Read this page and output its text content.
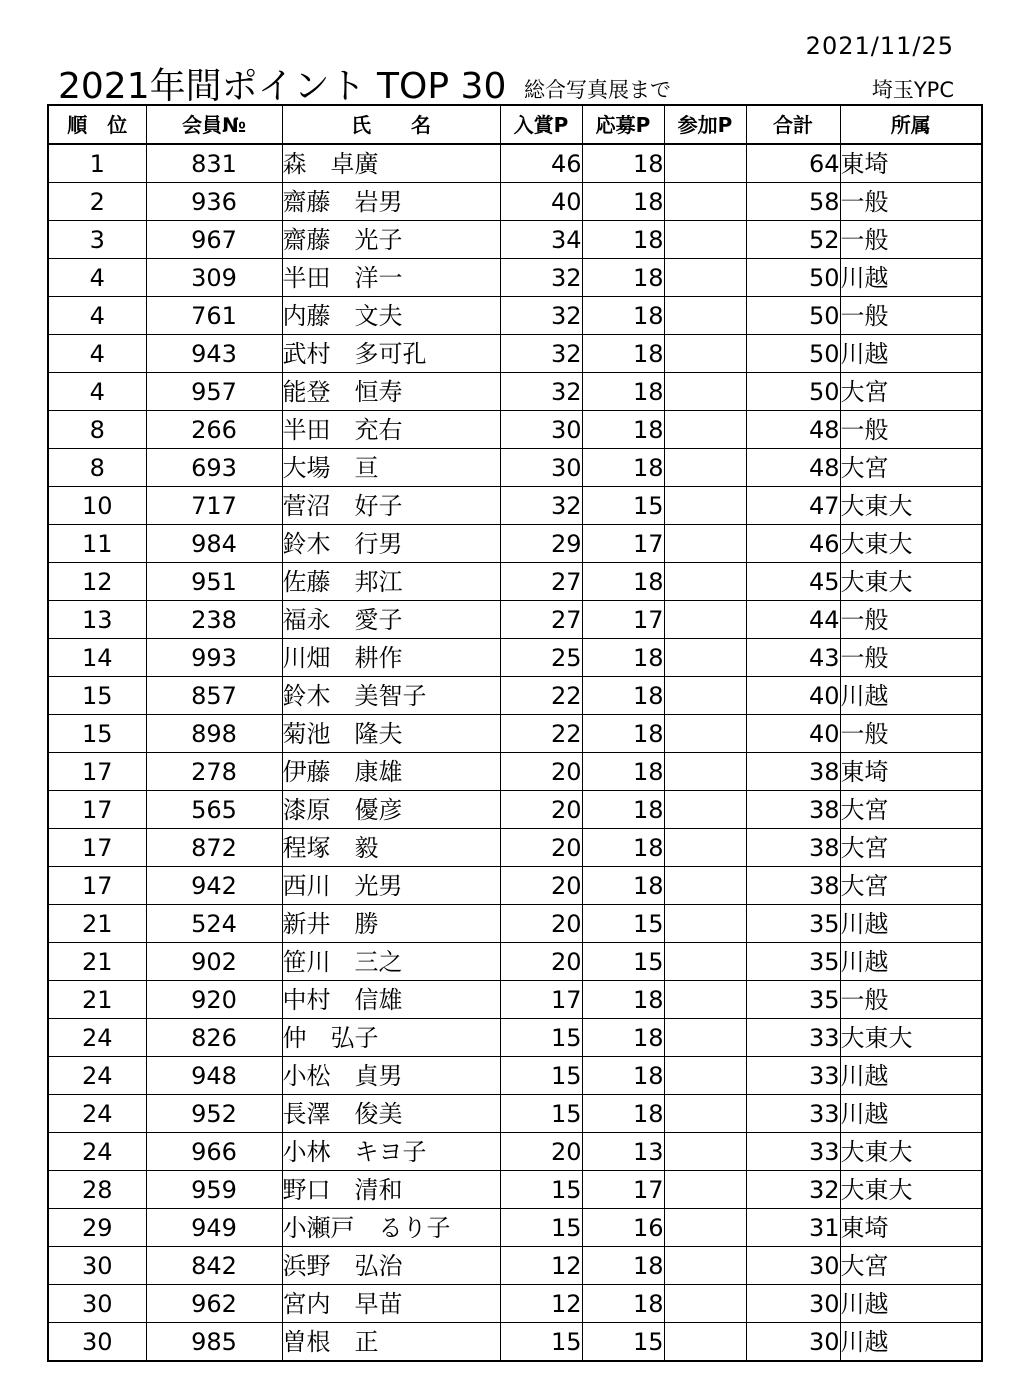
2021/11/25
2021年間ポイント TOP 30 総合写真展まで	埼玉YPC
順　位	会員№	氏　　名	入賞P	応募P	参加P	合計	所属
1	831	森　卓廣	46	18		64	東埼
2	936	齋藤　岩男	40	18		58	一般
3	967	齋藤　光子	34	18		52	一般
4	309	半田　洋一	32	18		50	川越
4	761	内藤　文夫	32	18		50	一般
4	943	武村　多可孔	32	18		50	川越
4	957	能登　恒寿	32	18		50	大宮
8	266	半田　充右	30	18		48	一般
8	693	大場　亘	30	18		48	大宮
10	717	菅沼　好子	32	15		47	大東大
11	984	鈴木　行男	29	17		46	大東大
12	951	佐藤　邦江	27	18		45	大東大
13	238	福永　愛子	27	17		44	一般
14	993	川畑　耕作	25	18		43	一般
15	857	鈴木　美智子	22	18		40	川越
15	898	菊池　隆夫	22	18		40	一般
17	278	伊藤　康雄	20	18		38	東埼
17	565	漆原　優彦	20	18		38	大宮
17	872	程塚　毅	20	18		38	大宮
17	942	西川　光男	20	18		38	大宮
21	524	新井　勝	20	15		35	川越
21	902	笹川　三之	20	15		35	川越
21	920	中村　信雄	17	18		35	一般
24	826	仲　弘子	15	18		33	大東大
24	948	小松　貞男	15	18		33	川越
24	952	長澤　俊美	15	18		33	川越
24	966	小林　キヨ子	20	13		33	大東大
28	959	野口　清和	15	17		32	大東大
29	949	小瀬戸　るり子	15	16		31	東埼
30	842	浜野　弘治	12	18		30	大宮
30	962	宮内　早苗	12	18		30	川越
30	985	曽根　正	15	15		30	川越
